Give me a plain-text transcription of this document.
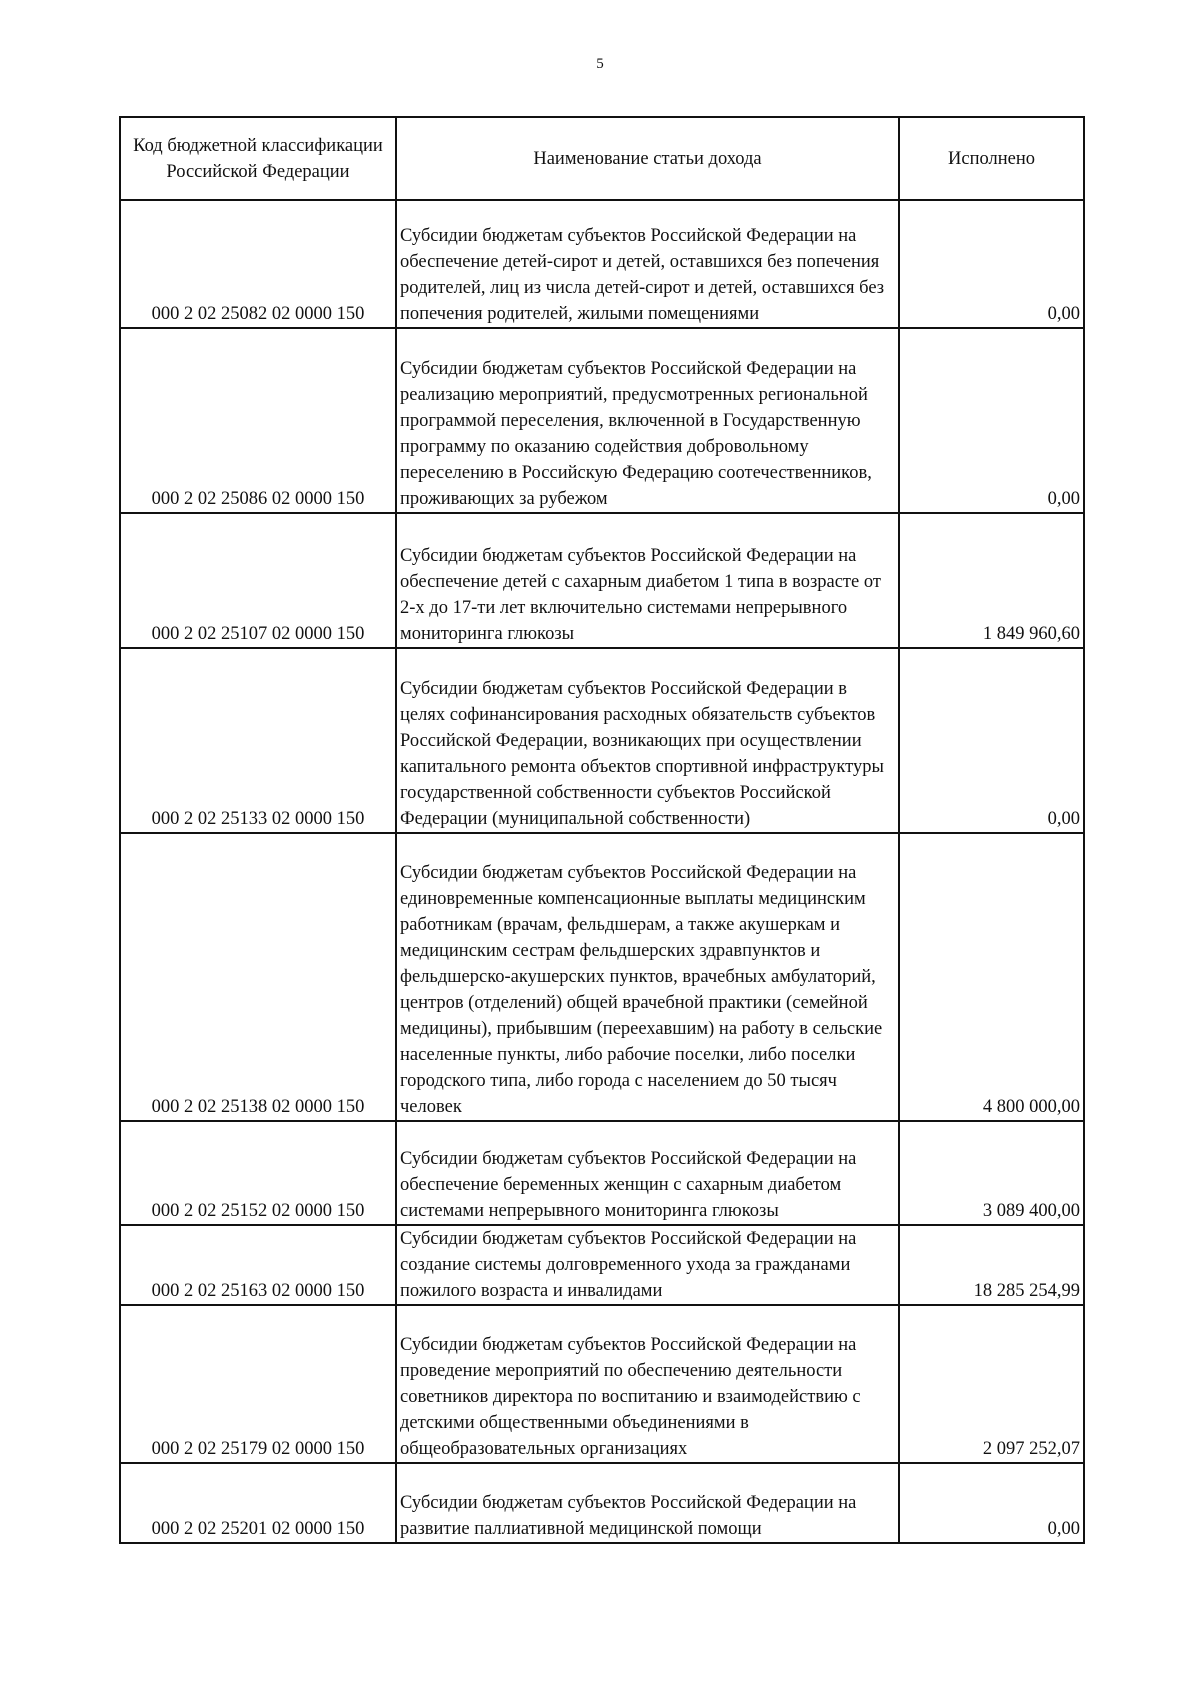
5
Код бюджетной классификации Российской Федерации	Наименование статьи дохода	Исполнено
000 2 02 25082 02 0000 150	Субсидии бюджетам субъектов Российской Федерации на обеспечение детей-сирот и детей, оставшихся без попечения родителей, лиц из числа детей-сирот и детей, оставшихся без попечения родителей, жилыми помещениями	0,00
000 2 02 25086 02 0000 150	Субсидии бюджетам субъектов Российской Федерации на реализацию мероприятий, предусмотренных региональной программой переселения, включенной в Государственную программу по оказанию содействия добровольному переселению в Российскую Федерацию соотечественников, проживающих за рубежом	0,00
000 2 02 25107 02 0000 150	Субсидии бюджетам субъектов Российской Федерации на обеспечение детей с сахарным диабетом 1 типа в возрасте от 2-х до 17-ти лет включительно системами непрерывного мониторинга глюкозы	1 849 960,60
000 2 02 25133 02 0000 150	Субсидии бюджетам субъектов Российской Федерации в целях софинансирования расходных обязательств субъектов Российской Федерации, возникающих при осуществлении капитального ремонта объектов спортивной инфраструктуры государственной собственности субъектов Российской Федерации (муниципальной собственности)	0,00
000 2 02 25138 02 0000 150	Субсидии бюджетам субъектов Российской Федерации на единовременные компенсационные выплаты медицинским работникам (врачам, фельдшерам, а также акушеркам и медицинским сестрам фельдшерских здравпунктов и фельдшерско-акушерских пунктов, врачебных амбулаторий, центров (отделений) общей врачебной практики (семейной медицины), прибывшим (переехавшим) на работу в сельские населенные пункты, либо рабочие поселки, либо поселки городского типа, либо города с населением до 50 тысяч человек	4 800 000,00
000 2 02 25152 02 0000 150	Субсидии бюджетам субъектов Российской Федерации на обеспечение беременных женщин с сахарным диабетом системами непрерывного мониторинга глюкозы	3 089 400,00
000 2 02 25163 02 0000 150	Субсидии бюджетам субъектов Российской Федерации на создание системы долговременного ухода за гражданами пожилого возраста и инвалидами	18 285 254,99
000 2 02 25179 02 0000 150	Субсидии бюджетам субъектов Российской Федерации на проведение мероприятий по обеспечению деятельности советников директора по воспитанию и взаимодействию с детскими общественными объединениями в общеобразовательных организациях	2 097 252,07
000 2 02 25201 02 0000 150	Субсидии бюджетам субъектов Российской Федерации на развитие паллиативной медицинской помощи	0,00
